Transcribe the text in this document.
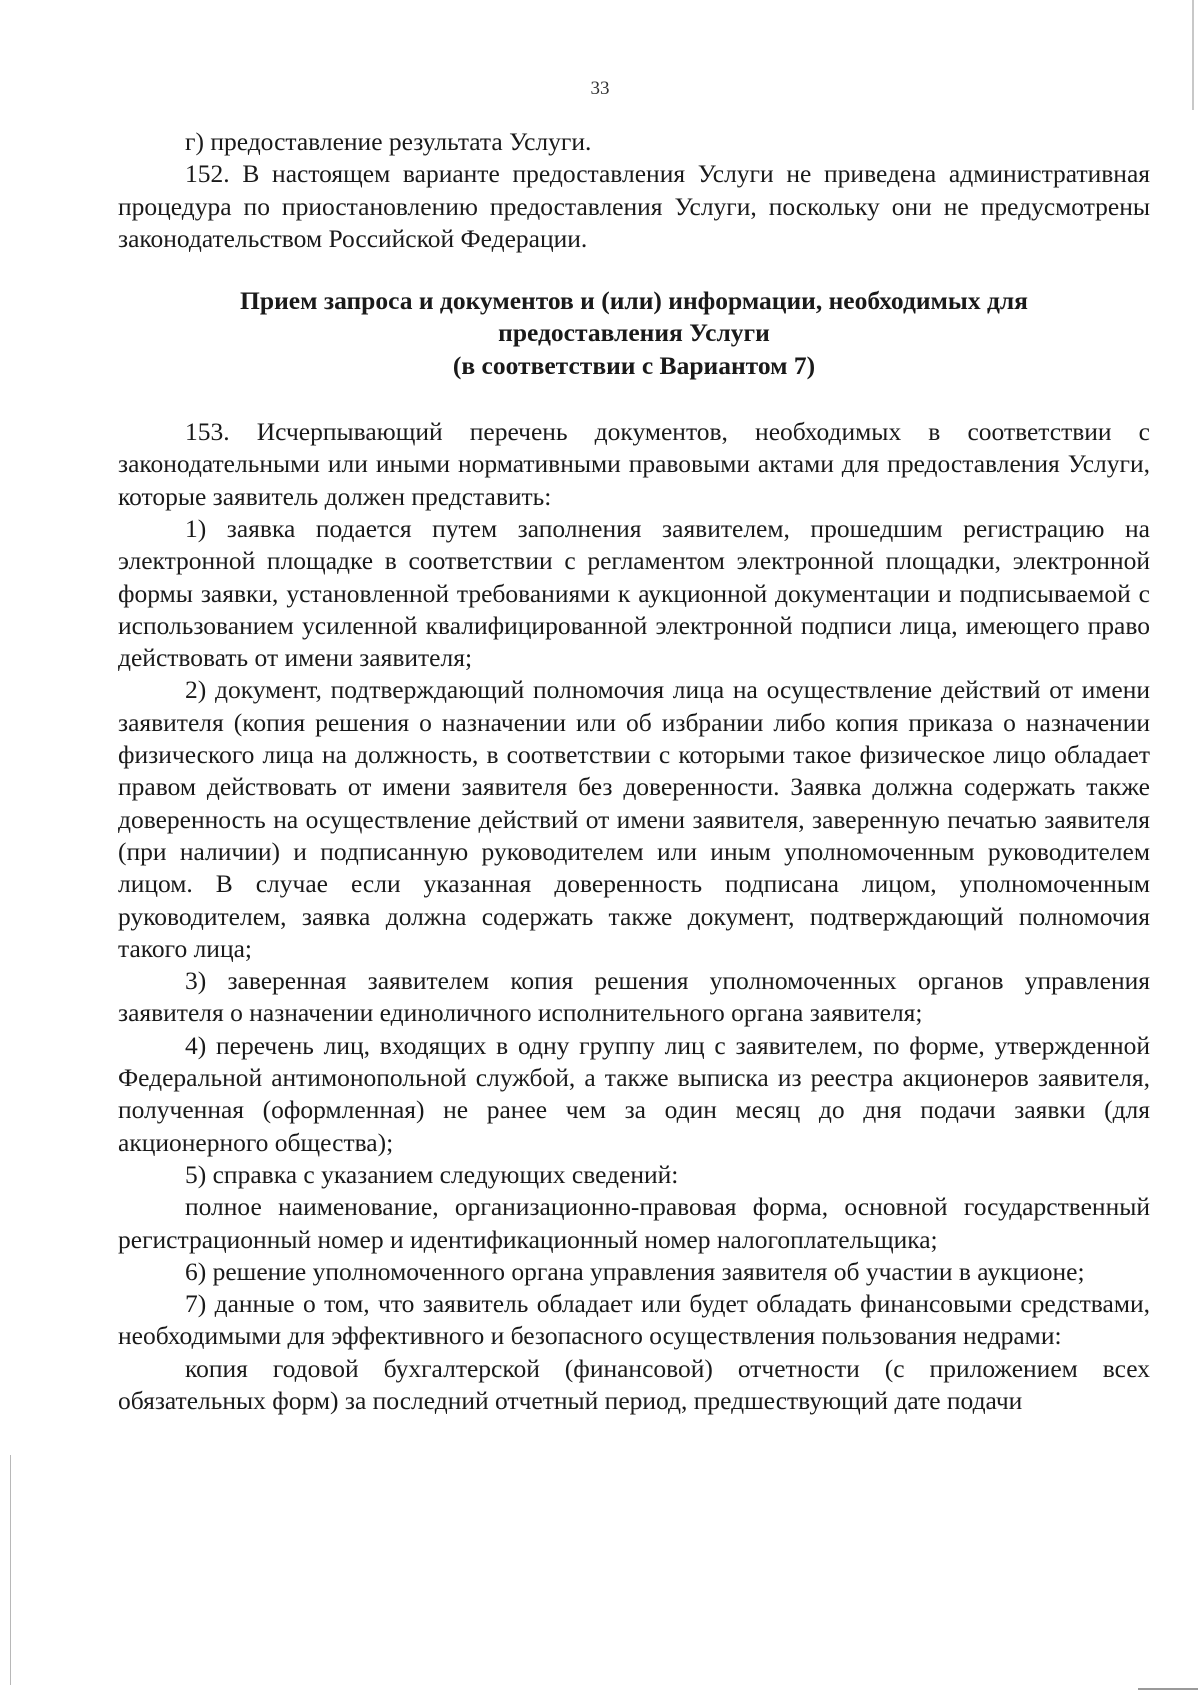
33

г) предоставление результата Услуги.

152. В настоящем варианте предоставления Услуги не приведена административная процедура по приостановлению предоставления Услуги, поскольку они не предусмотрены законодательством Российской Федерации.

Прием запроса и документов и (или) информации, необходимых для
предоставления Услуги
(в соответствии с Вариантом 7)

153. Исчерпывающий перечень документов, необходимых в соответствии с законодательными или иными нормативными правовыми актами для предоставления Услуги, которые заявитель должен представить:

1) заявка подается путем заполнения заявителем, прошедшим регистрацию на электронной площадке в соответствии с регламентом электронной площадки, электронной формы заявки, установленной требованиями к аукционной документации и подписываемой с использованием усиленной квалифицированной электронной подписи лица, имеющего право действовать от имени заявителя;

2) документ, подтверждающий полномочия лица на осуществление действий от имени заявителя (копия решения о назначении или об избрании либо копия приказа о назначении физического лица на должность, в соответствии с которыми такое физическое лицо обладает правом действовать от имени заявителя без доверенности. Заявка должна содержать также доверенность на осуществление действий от имени заявителя, заверенную печатью заявителя (при наличии) и подписанную руководителем или иным уполномоченным руководителем лицом. В случае если указанная доверенность подписана лицом, уполномоченным руководителем, заявка должна содержать также документ, подтверждающий полномочия такого лица;

3) заверенная заявителем копия решения уполномоченных органов управления заявителя о назначении единоличного исполнительного органа заявителя;

4) перечень лиц, входящих в одну группу лиц с заявителем, по форме, утвержденной Федеральной антимонопольной службой, а также выписка из реестра акционеров заявителя, полученная (оформленная) не ранее чем за один месяц до дня подачи заявки (для акционерного общества);

5) справка с указанием следующих сведений:

полное наименование, организационно-правовая форма, основной государственный регистрационный номер и идентификационный номер налогоплательщика;

6) решение уполномоченного органа управления заявителя об участии в аукционе;

7) данные о том, что заявитель обладает или будет обладать финансовыми средствами, необходимыми для эффективного и безопасного осуществления пользования недрами:

копия годовой бухгалтерской (финансовой) отчетности (с приложением всех обязательных форм) за последний отчетный период, предшествующий дате подачи
